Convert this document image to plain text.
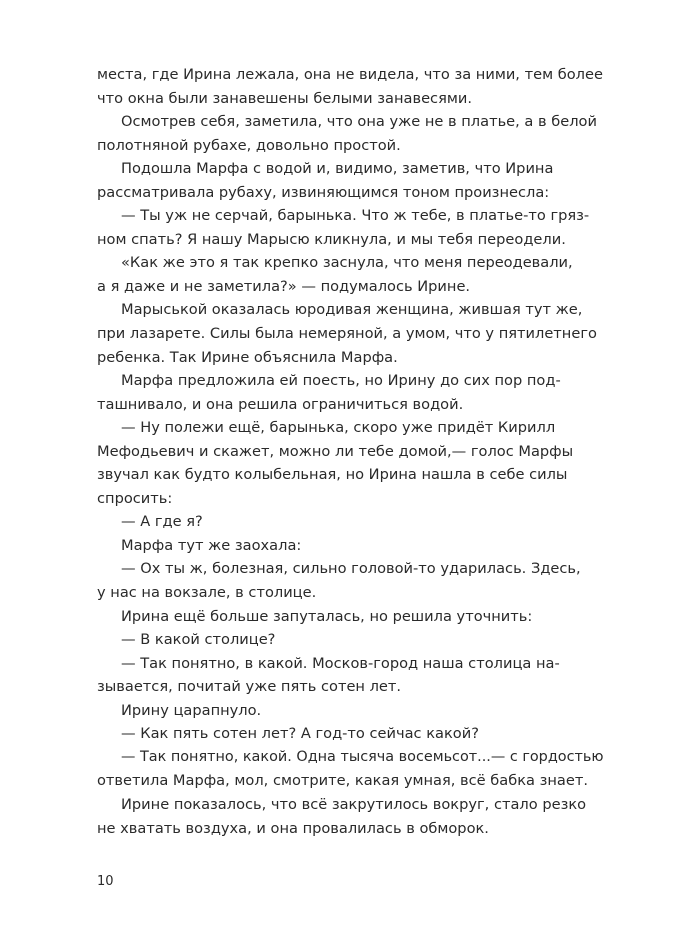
места, где Ирина лежала, она не видела, что за ними, тем более
что окна были занавешены белыми занавесями.
Осмотрев себя, заметила, что она уже не в платье, а в белой
полотняной рубахе, довольно простой.
Подошла Марфа с водой и, видимо, заметив, что Ирина
рассматривала рубаху, извиняющимся тоном произнесла:
— Ты уж не серчай, барынька. Что ж тебе, в платье-то гряз-
ном спать? Я нашу Марысю кликнула, и мы тебя переодели.
«Как же это я так крепко заснула, что меня переодевали,
а я даже и не заметила?» — подумалось Ирине.
Марыськой оказалась юродивая женщина, жившая тут же,
при лазарете. Силы была немеряной, а умом, что у пятилетнего
ребенка. Так Ирине объяснила Марфа.
Марфа предложила ей поесть, но Ирину до сих пор под-
ташнивало, и она решила ограничиться водой.
— Ну полежи ещё, барынька, скоро уже придёт Кирилл
Мефодьевич и скажет, можно ли тебе домой,— голос Марфы
звучал как будто колыбельная, но Ирина нашла в себе силы
спросить:
— А где я?
Марфа тут же заохала:
— Ох ты ж, болезная, сильно головой-то ударилась. Здесь,
у нас на вокзале, в столице.
Ирина ещё больше запуталась, но решила уточнить:
— В какой столице?
— Так понятно, в какой. Москов-город наша столица на-
зывается, почитай уже пять сотен лет.
Ирину царапнуло.
— Как пять сотен лет? А год-то сейчас какой?
— Так понятно, какой. Одна тысяча восемьсот...— с гордостью
ответила Марфа, мол, смотрите, какая умная, всё бабка знает.
Ирине показалось, что всё закрутилось вокруг, стало резко
не хватать воздуха, и она провалилась в обморок.
10
